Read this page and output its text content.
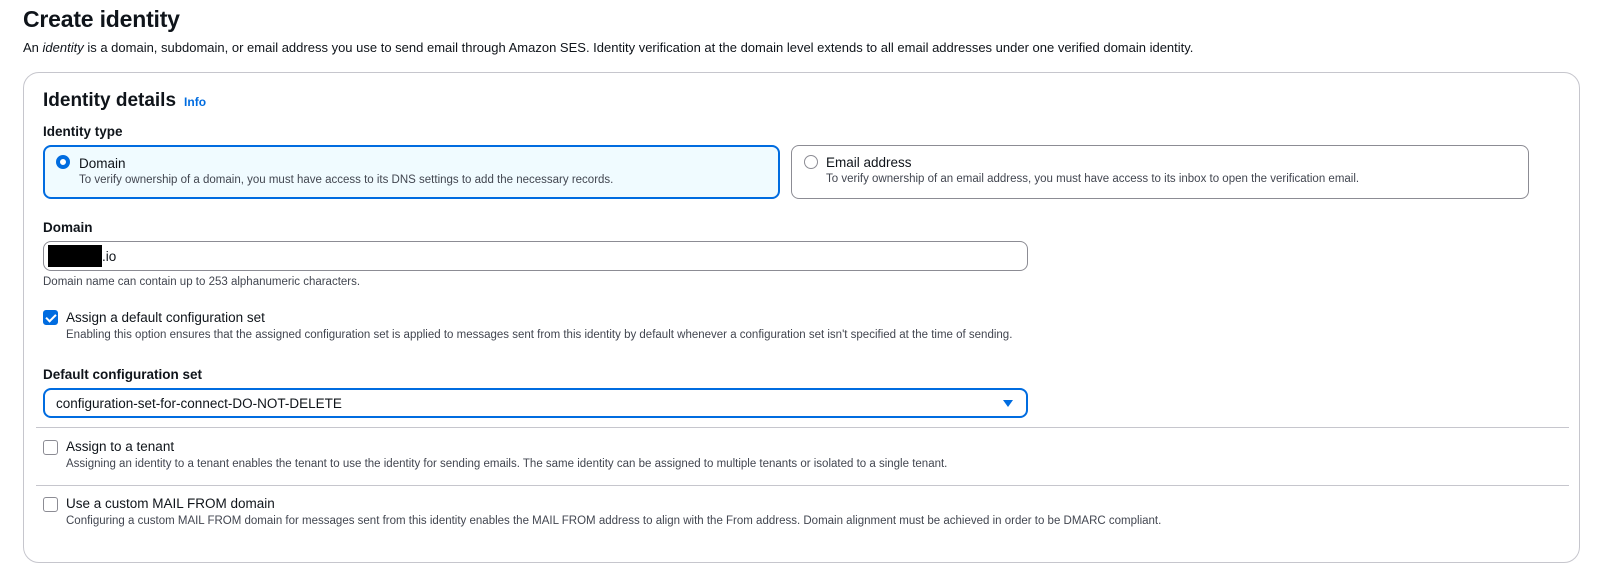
Create identity

An identity is a domain, subdomain, or email address you use to send email through Amazon SES. Identity verification at the domain level extends to all email addresses under one verified domain identity.

Identity details Info
Identity type
Domain
To verify ownership of a domain, you must have access to its DNS settings to add the necessary records.
Email address
To verify ownership of an email address, you must have access to its inbox to open the verification email.
Domain
.io
Domain name can contain up to 253 alphanumeric characters.
Assign a default configuration set
Enabling this option ensures that the assigned configuration set is applied to messages sent from this identity by default whenever a configuration set isn't specified at the time of sending.
Default configuration set
configuration-set-for-connect-DO-NOT-DELETE
Assign to a tenant
Assigning an identity to a tenant enables the tenant to use the identity for sending emails. The same identity can be assigned to multiple tenants or isolated to a single tenant.
Use a custom MAIL FROM domain
Configuring a custom MAIL FROM domain for messages sent from this identity enables the MAIL FROM address to align with the From address. Domain alignment must be achieved in order to be DMARC compliant.
